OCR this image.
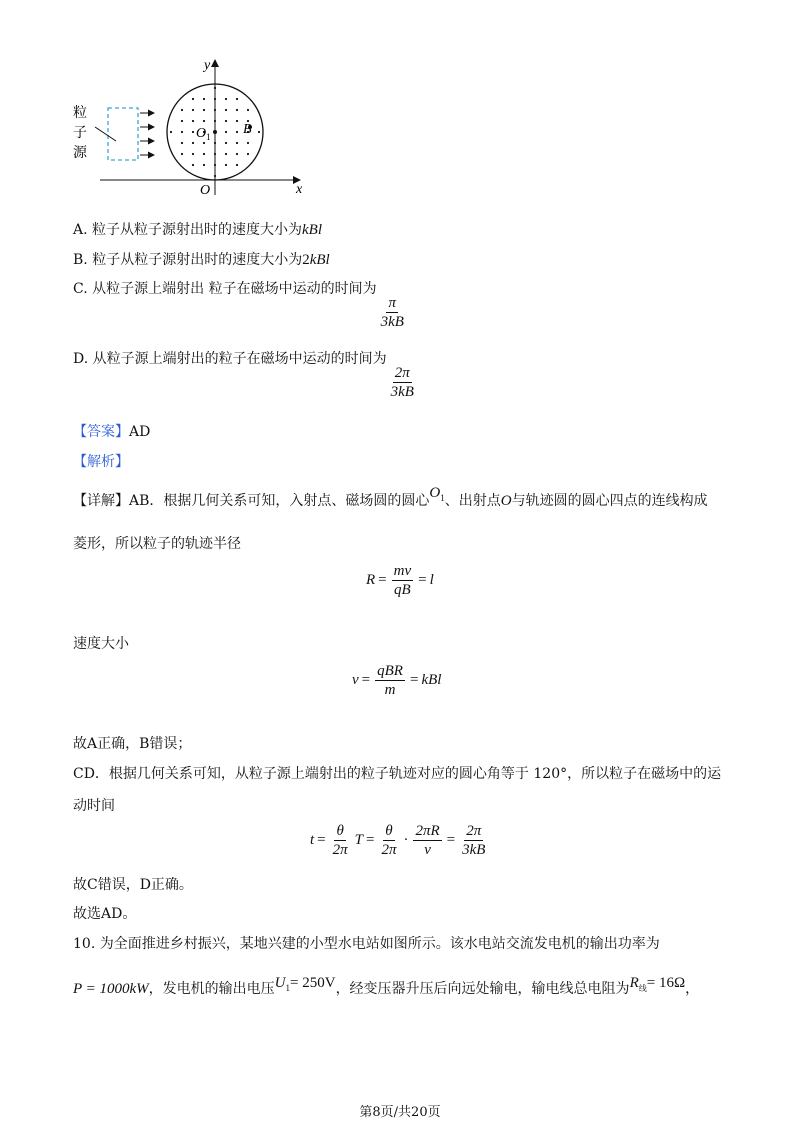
y
x
O
$O_1$ B
粒
子
源
A. 粒子从粒子源射出时的速度大小为kBl
B. 粒子从粒子源射出时的速度大小为2kBl
C. 从粒子源上端射出 粒子在磁场中运动的时间为
$\frac{\pi}{3kB}$
D. 从粒子源上端射出的粒子在磁场中运动的时间为
$\frac{2\pi}{3kB}$
【答案】AD
【解析】
【详解】AB．根据几何关系可知，入射点、磁场圆的圆心$O_1$、出射点O与轨迹圆的圆心四点的连线构成
菱形，所以粒子的轨迹半径
$R = \frac{mv}{qB} = l$
速度大小
$v = \frac{\text{qBR}}{m}$ = kBl
故A正确，B错误；
CD．根据几何关系可知，从粒子源上端射出的粒子轨迹对应的圆心角等于 120°，所以粒子在磁场中的运
动时间
$t = \frac{\theta}{2\pi}$ $T = \frac{\theta}{2\pi} \cdot \frac{2\pi R}{v} = \frac{2\pi}{3kB}$
故C错误，D正确。
故选AD。
10. 为全面推进乡村振兴，某地兴建的小型水电站如图所示。该水电站交流发电机的输出功率为
P = 1000kW，发电机的输出电压$U_1= 250V$，经变压器升压后向远处输电，输电线总电阻为$R_线= 16\Omega$，
第8页/共20页
